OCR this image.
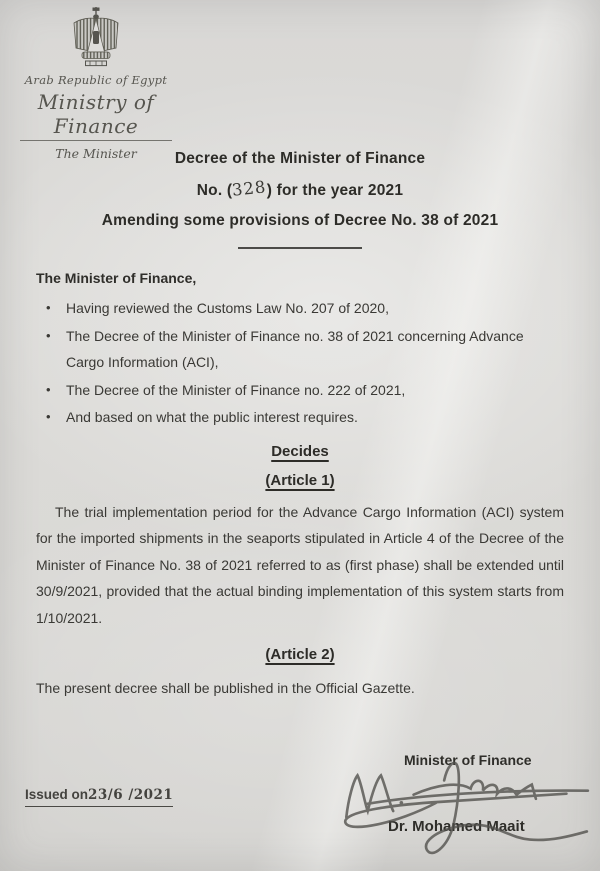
Arab Republic of Egypt
Ministry of Finance
The Minister	Decree of the Minister of Finance
No. (328) for the year 2021
Amending some provisions of Decree No. 38 of 2021
The Minister of Finance,
• Having reviewed the Customs Law No. 207 of 2020,
• The Decree of the Minister of Finance no. 38 of 2021 concerning Advance Cargo Information (ACI),
• The Decree of the Minister of Finance no. 222 of 2021,
• And based on what the public interest requires.
Decides
(Article 1)

The trial implementation period for the Advance Cargo Information (ACI) system for the imported shipments in the seaports stipulated in Article 4 of the Decree of the Minister of Finance No. 38 of 2021 referred to as (first phase) shall be extended until 30/9/2021, provided that the actual binding implementation of this system starts from 1/10/2021.

(Article 2)

The present decree shall be published in the Official Gazette.

Issued on23/6 /2021
Minister of Finance
Dr. Mohamed Maait
